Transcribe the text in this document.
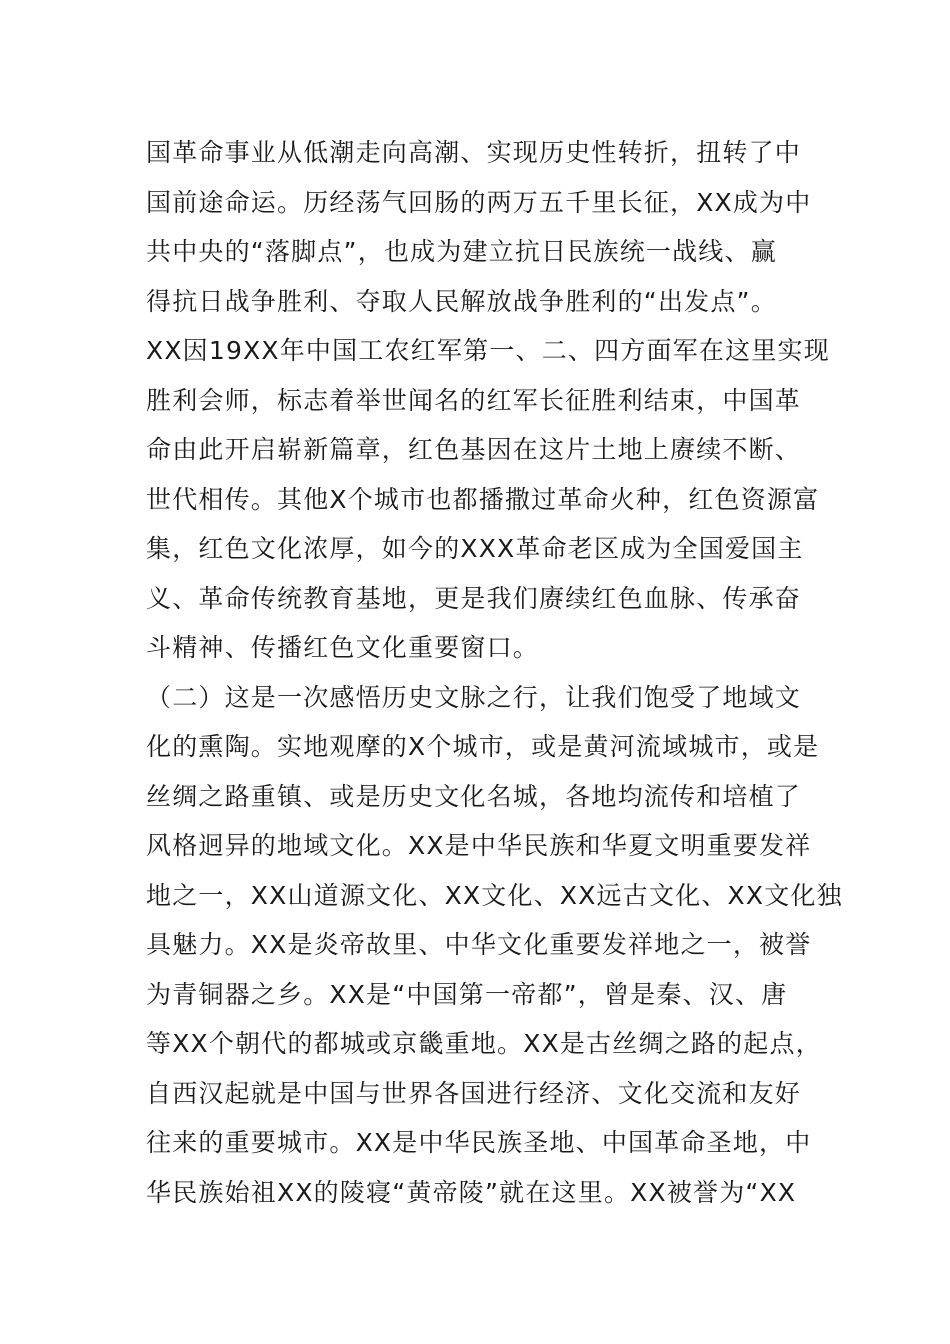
国革命事业从低潮走向高潮、实现历史性转折，扭转了中
国前途命运。历经荡气回肠的两万五千里长征，XX成为中
共中央的“落脚点”，也成为建立抗日民族统一战线、赢
得抗日战争胜利、夺取人民解放战争胜利的“出发点”。
XX因19XX年中国工农红军第一、二、四方面军在这里实现
胜利会师，标志着举世闻名的红军长征胜利结束，中国革
命由此开启崭新篇章，红色基因在这片土地上赓续不断、
世代相传。其他X个城市也都播撒过革命火种，红色资源富
集，红色文化浓厚，如今的XXX革命老区成为全国爱国主
义、革命传统教育基地，更是我们赓续红色血脉、传承奋
斗精神、传播红色文化重要窗口。
（二）这是一次感悟历史文脉之行，让我们饱受了地域文
化的熏陶。实地观摩的X个城市，或是黄河流域城市，或是
丝绸之路重镇、或是历史文化名城，各地均流传和培植了
风格迥异的地域文化。XX是中华民族和华夏文明重要发祥
地之一，XX山道源文化、XX文化、XX远古文化、XX文化独
具魅力。XX是炎帝故里、中华文化重要发祥地之一，被誉
为青铜器之乡。XX是“中国第一帝都”，曾是秦、汉、唐
等XX个朝代的都城或京畿重地。XX是古丝绸之路的起点，
自西汉起就是中国与世界各国进行经济、文化交流和友好
往来的重要城市。XX是中华民族圣地、中国革命圣地，中
华民族始祖XX的陵寝“黄帝陵”就在这里。XX被誉为“XX
